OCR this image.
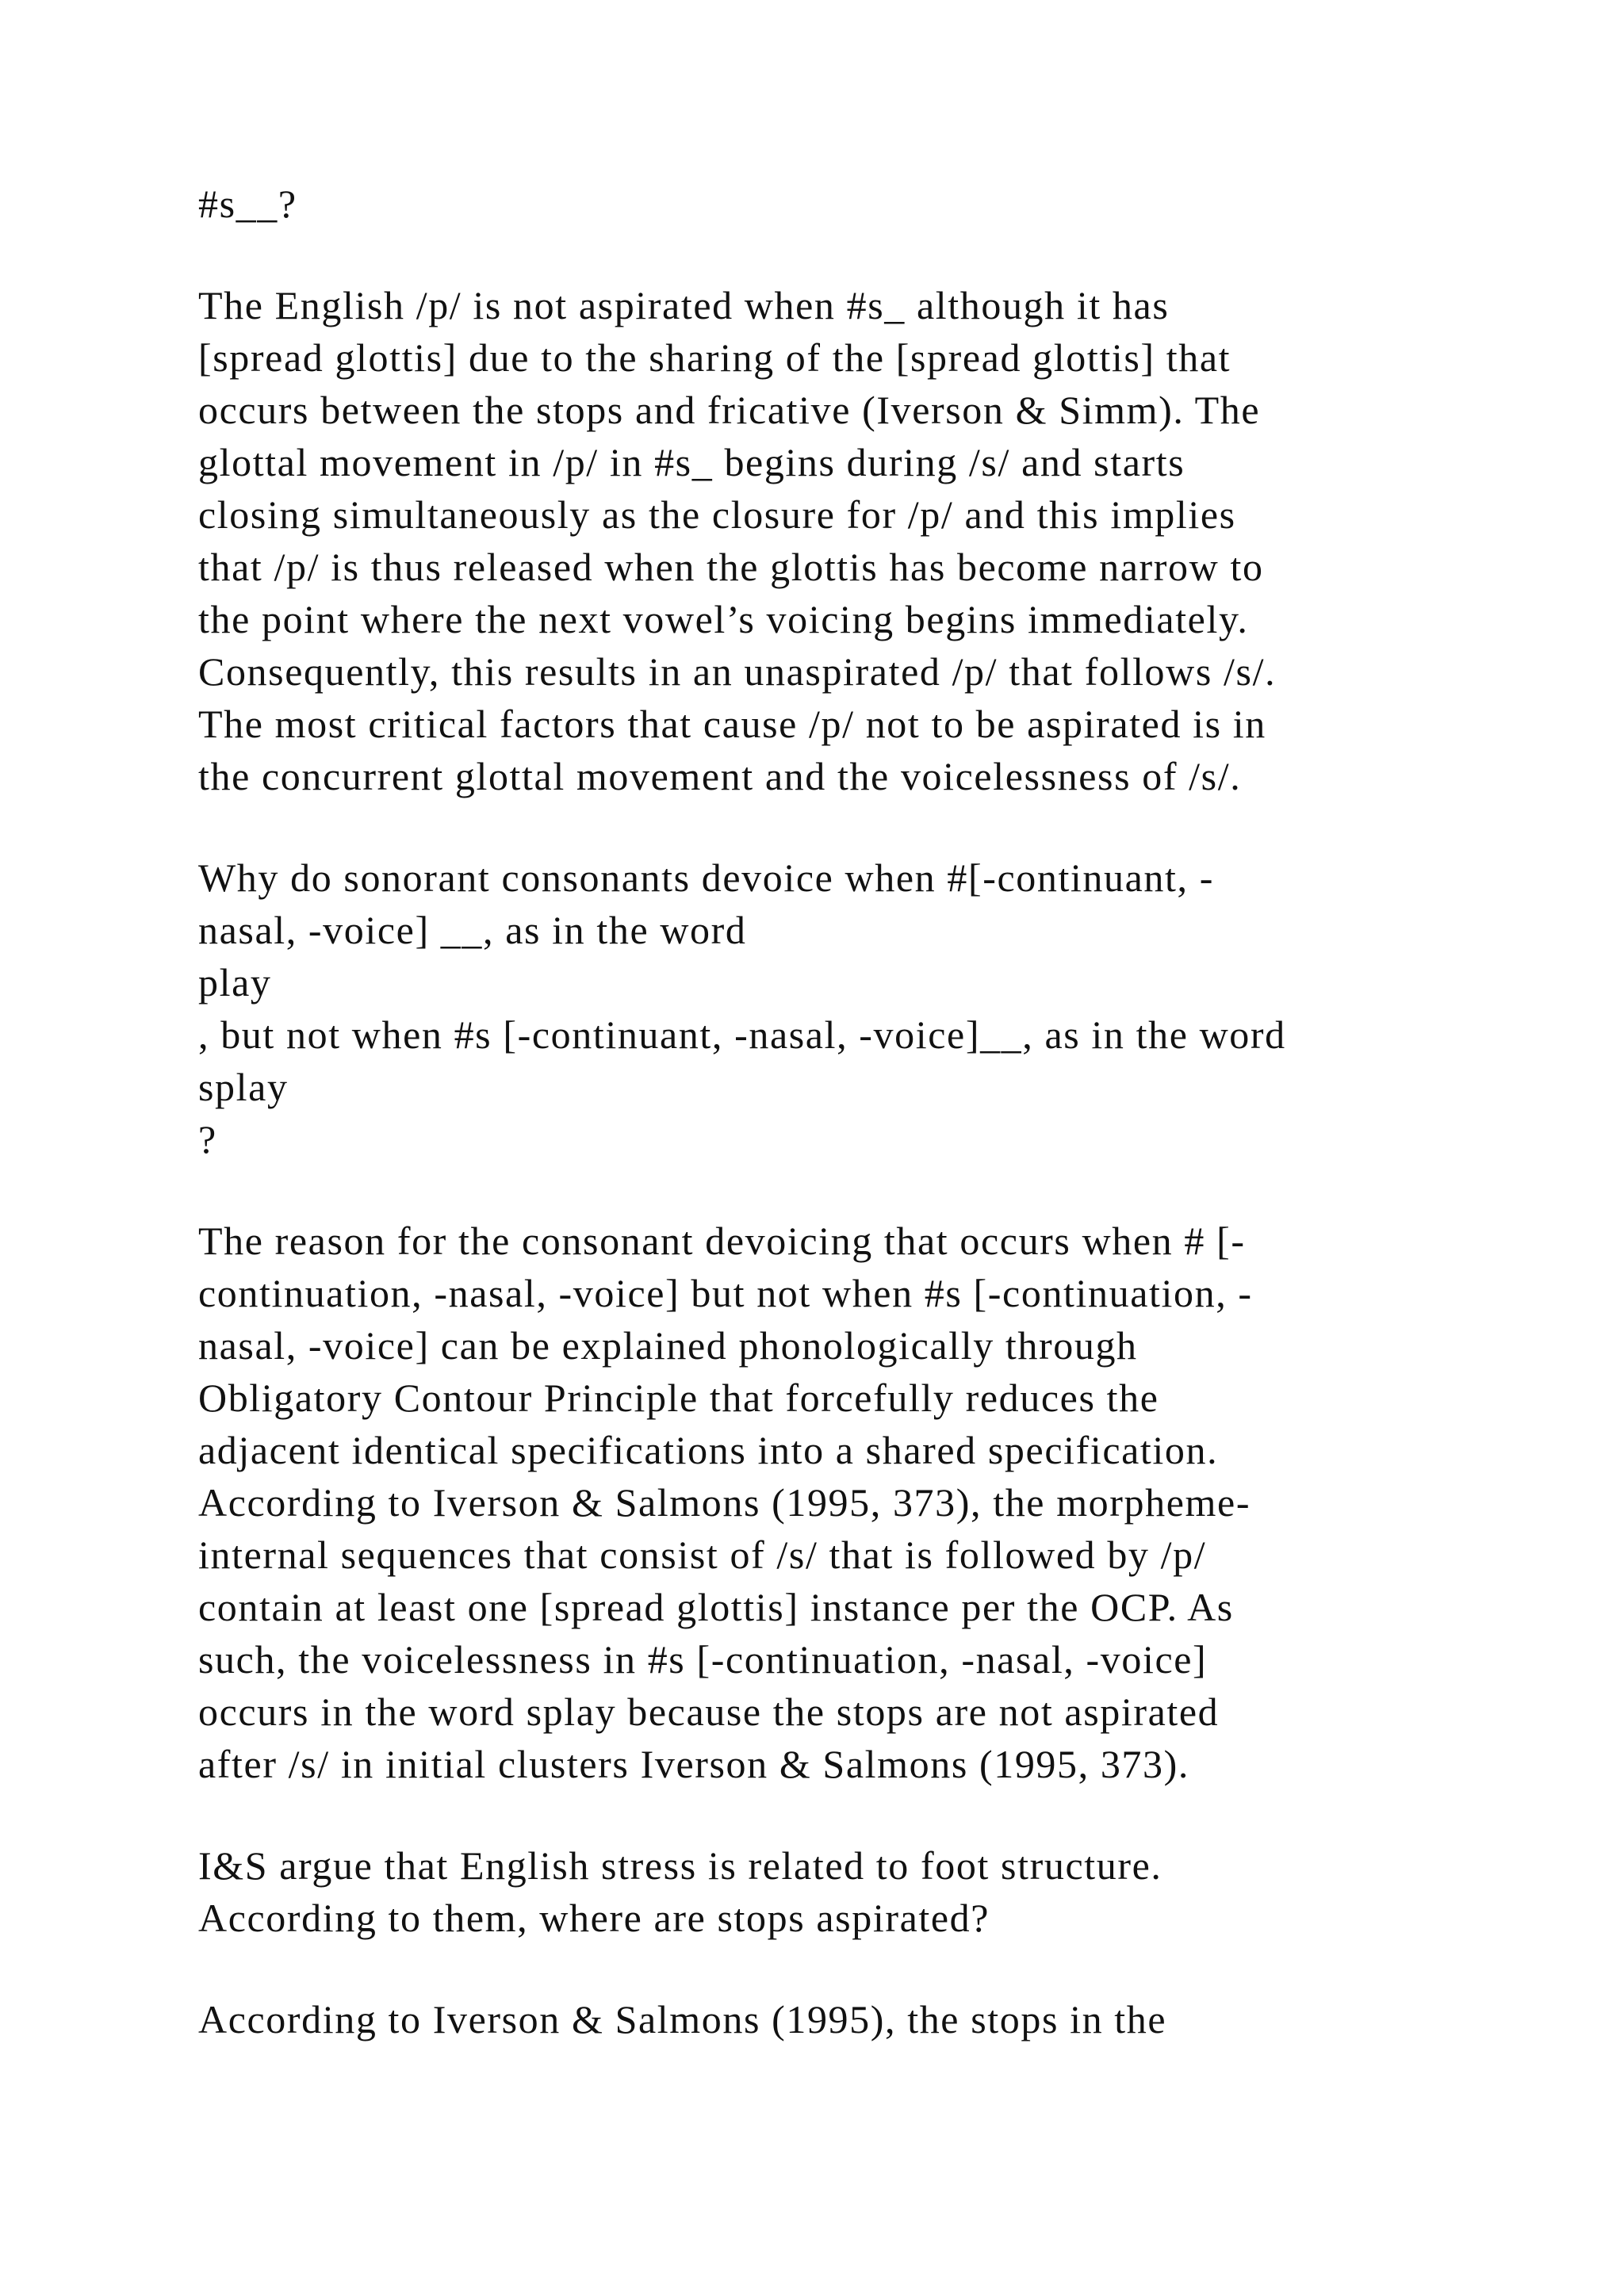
#s__?
The English /p/ is not aspirated when #s_ although it has
[spread glottis] due to the sharing of the [spread glottis] that
occurs between the stops and fricative (Iverson & Simm). The
glottal movement in /p/ in #s_ begins during /s/ and starts
closing simultaneously as the closure for /p/ and this implies
that /p/ is thus released when the glottis has become narrow to
the point where the next vowel’s voicing begins immediately.
Consequently, this results in an unaspirated /p/ that follows /s/.
The most critical factors that cause /p/ not to be aspirated is in
the concurrent glottal movement and the voicelessness of /s/.
Why do sonorant consonants devoice when #[-continuant, -
nasal, -voice] __, as in the word
play
, but not when #s [-continuant, -nasal, -voice]__, as in the word
splay
?
The reason for the consonant devoicing that occurs when # [-
continuation, -nasal, -voice] but not when #s [-continuation, -
nasal, -voice] can be explained phonologically through
Obligatory Contour Principle that forcefully reduces the
adjacent identical specifications into a shared specification.
According to Iverson & Salmons (1995, 373), the morpheme-
internal sequences that consist of /s/ that is followed by /p/
contain at least one [spread glottis] instance per the OCP. As
such, the voicelessness in #s [-continuation, -nasal, -voice]
occurs in the word splay because the stops are not aspirated
after /s/ in initial clusters Iverson & Salmons (1995, 373).
I&S argue that English stress is related to foot structure.
According to them, where are stops aspirated?
According to Iverson & Salmons (1995), the stops in the
